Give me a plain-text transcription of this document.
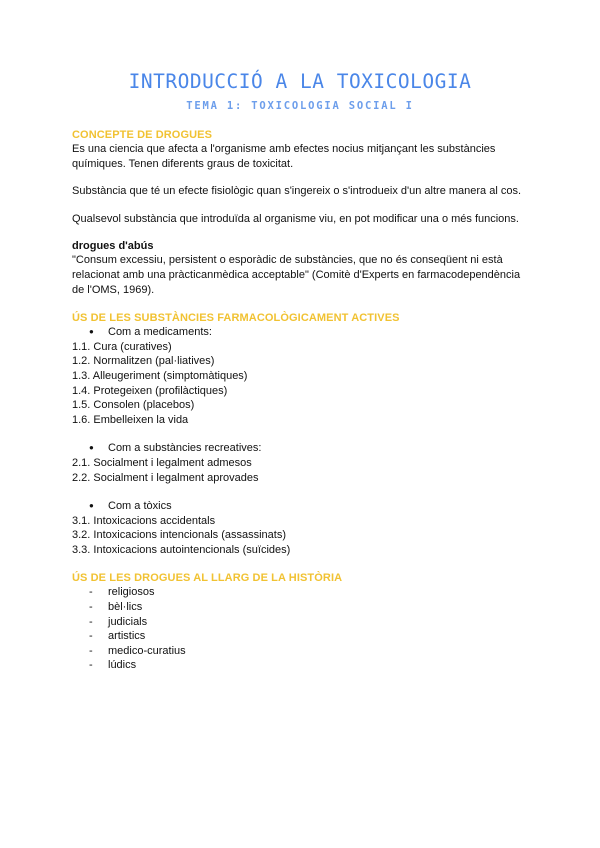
INTRODUCCIÓ A LA TOXICOLOGIA
TEMA 1: TOXICOLOGIA SOCIAL I
CONCEPTE DE DROGUES

Es una ciencia que afecta a l'organisme amb efectes nocius mitjançant les substàncies químiques. Tenen diferents graus de toxicitat.

Substància que té un efecte fisiològic quan s'ingereix o s'introdueix d'un altre manera al cos.

Qualsevol substància que introduïda al organisme viu, en pot modificar una o més funcions.

drogues d'abús

"Consum excessiu, persistent o esporàdic de substàncies, que no és conseqüent ni està relacionat amb una pràcticanmèdica acceptable" (Comitè d'Experts en farmacodependència de l'OMS, 1969).

ÚS DE LES SUBSTÀNCIES FARMACOLÒGICAMENT ACTIVES
● Com a medicaments:
1.1. Cura (curatives)
1.2. Normalitzen (pal·liatives)
1.3. Alleugeriment (simptomàtiques)
1.4. Protegeixen (profilàctiques)
1.5. Consolen (placebos)
1.6. Embelleixen la vida
● Com a substàncies recreatives:
2.1. Socialment i legalment admesos
2.2. Socialment i legalment aprovades
● Com a tòxics
3.1. Intoxicacions accidentals
3.2. Intoxicacions intencionals (assassinats)
3.3. Intoxicacions autointencionals (suïcides)
ÚS DE LES DROGUES AL LLARG DE LA HISTÒRIA
- religiosos
- bèl·lics
- judicials
- artistics
- medico-curatius
- lúdics
